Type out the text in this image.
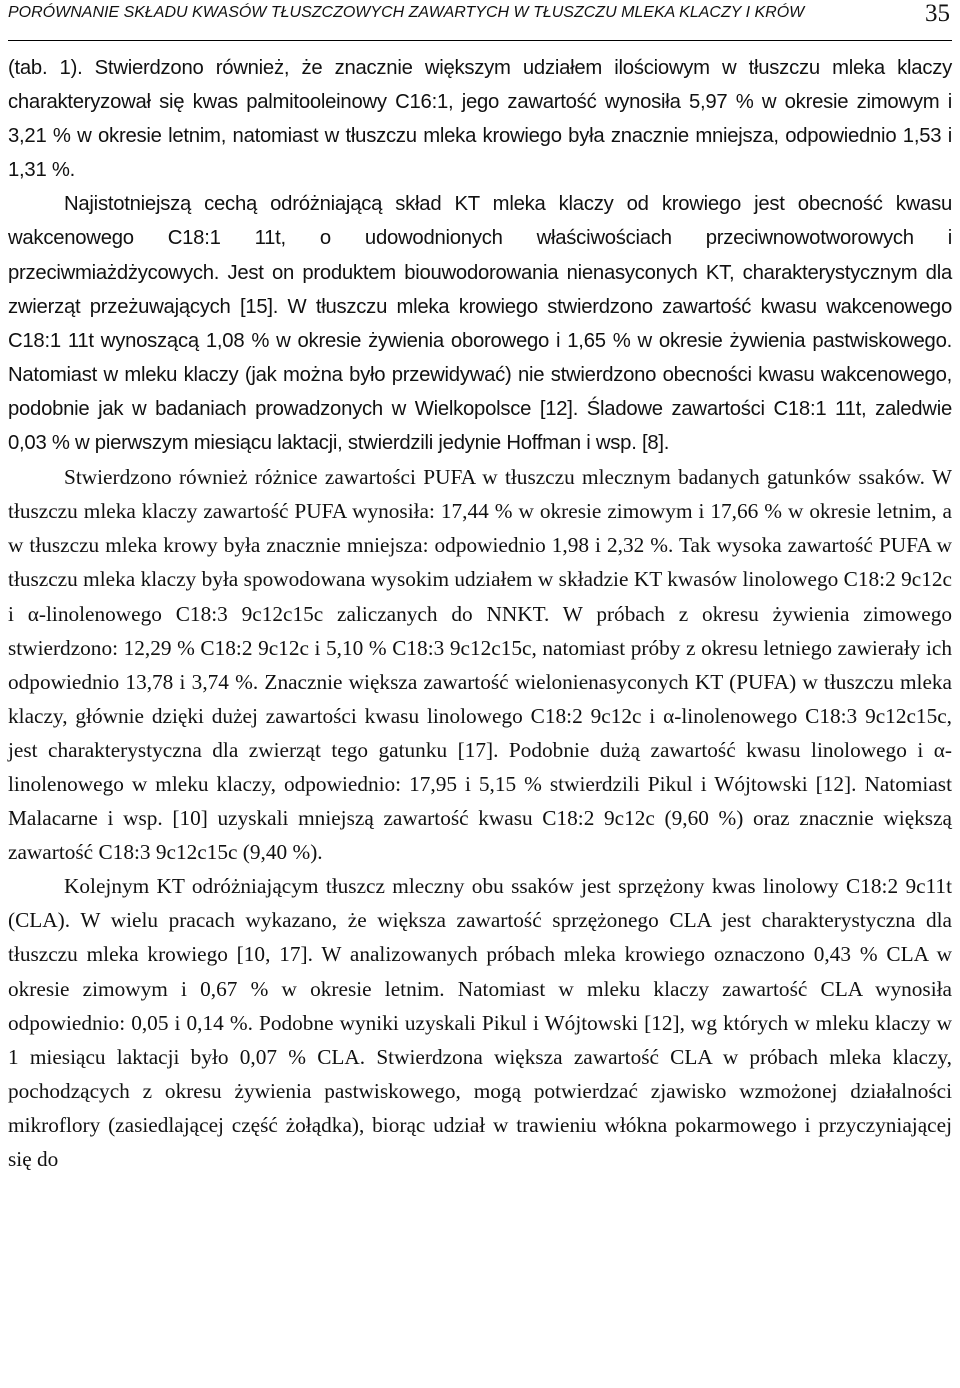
PORÓWNANIE SKŁADU KWASÓW TŁUSZCZOWYCH ZAWARTYCH W TŁUSZCZU MLEKA KLACZY I KRÓW	35

(tab. 1). Stwierdzono również, że znacznie większym udziałem ilościowym w tłuszczu mleka klaczy charakteryzował się kwas palmitooleinowy C16:1, jego zawartość wynosiła 5,97 % w okresie zimowym i 3,21 % w okresie letnim, natomiast w tłuszczu mleka krowiego była znacznie mniejsza, odpowiednio 1,53 i 1,31 %.

Najistotniejszą cechą odróżniającą skład KT mleka klaczy od krowiego jest obecność kwasu wakcenowego C18:1 11t, o udowodnionych właściwościach przeciwnowotworowych i przeciwmiażdżycowych. Jest on produktem biouwodorowania nienasyconych KT, charakterystycznym dla zwierząt przeżuwających [15]. W tłuszczu mleka krowiego stwierdzono zawartość kwasu wakcenowego C18:1 11t wynoszącą 1,08 % w okresie żywienia oborowego i 1,65 % w okresie żywienia pastwiskowego. Natomiast w mleku klaczy (jak można było przewidywać) nie stwierdzono obecności kwasu wakcenowego, podobnie jak w badaniach prowadzonych w Wielkopolsce [12]. Śladowe zawartości C18:1 11t, zaledwie 0,03 % w pierwszym miesiącu laktacji, stwierdzili jedynie Hoffman i wsp. [8].

Stwierdzono również różnice zawartości PUFA w tłuszczu mlecznym badanych gatunków ssaków. W tłuszczu mleka klaczy zawartość PUFA wynosiła: 17,44 % w okresie zimowym i 17,66 % w okresie letnim, a w tłuszczu mleka krowy była znacznie mniejsza: odpowiednio 1,98 i 2,32 %. Tak wysoka zawartość PUFA w tłuszczu mleka klaczy była spowodowana wysokim udziałem w składzie KT kwasów linolowego C18:2 9c12c i α-linolenowego C18:3 9c12c15c zaliczanych do NNKT. W próbach z okresu żywienia zimowego stwierdzono: 12,29 % C18:2 9c12c i 5,10 % C18:3 9c12c15c, natomiast próby z okresu letniego zawierały ich odpowiednio 13,78 i 3,74 %. Znacznie większa zawartość wielonienasyconych KT (PUFA) w tłuszczu mleka klaczy, głównie dzięki dużej zawartości kwasu linolowego C18:2 9c12c i α-linolenowego C18:3 9c12c15c, jest charakterystyczna dla zwierząt tego gatunku [17]. Podobnie dużą zawartość kwasu linolowego i α-linolenowego w mleku klaczy, odpowiednio: 17,95 i 5,15 % stwierdzili Pikul i Wójtowski [12]. Natomiast Malacarne i wsp. [10] uzyskali mniejszą zawartość kwasu C18:2 9c12c (9,60 %) oraz znacznie większą zawartość C18:3 9c12c15c (9,40 %).

Kolejnym KT odróżniającym tłuszcz mleczny obu ssaków jest sprzężony kwas linolowy C18:2 9c11t (CLA). W wielu pracach wykazano, że większa zawartość sprzężonego CLA jest charakterystyczna dla tłuszczu mleka krowiego [10, 17]. W analizowanych próbach mleka krowiego oznaczono 0,43 % CLA w okresie zimowym i 0,67 % w okresie letnim. Natomiast w mleku klaczy zawartość CLA wynosiła odpowiednio: 0,05 i 0,14 %. Podobne wyniki uzyskali Pikul i Wójtowski [12], wg których w mleku klaczy w 1 miesiącu laktacji było 0,07 % CLA. Stwierdzona większa zawartość CLA w próbach mleka klaczy, pochodzących z okresu żywienia pastwiskowego, mogą potwierdzać zjawisko wzmożonej działalności mikroflory (zasiedlającej część żołądka), biorąc udział w trawieniu włókna pokarmowego i przyczyniającej się do
